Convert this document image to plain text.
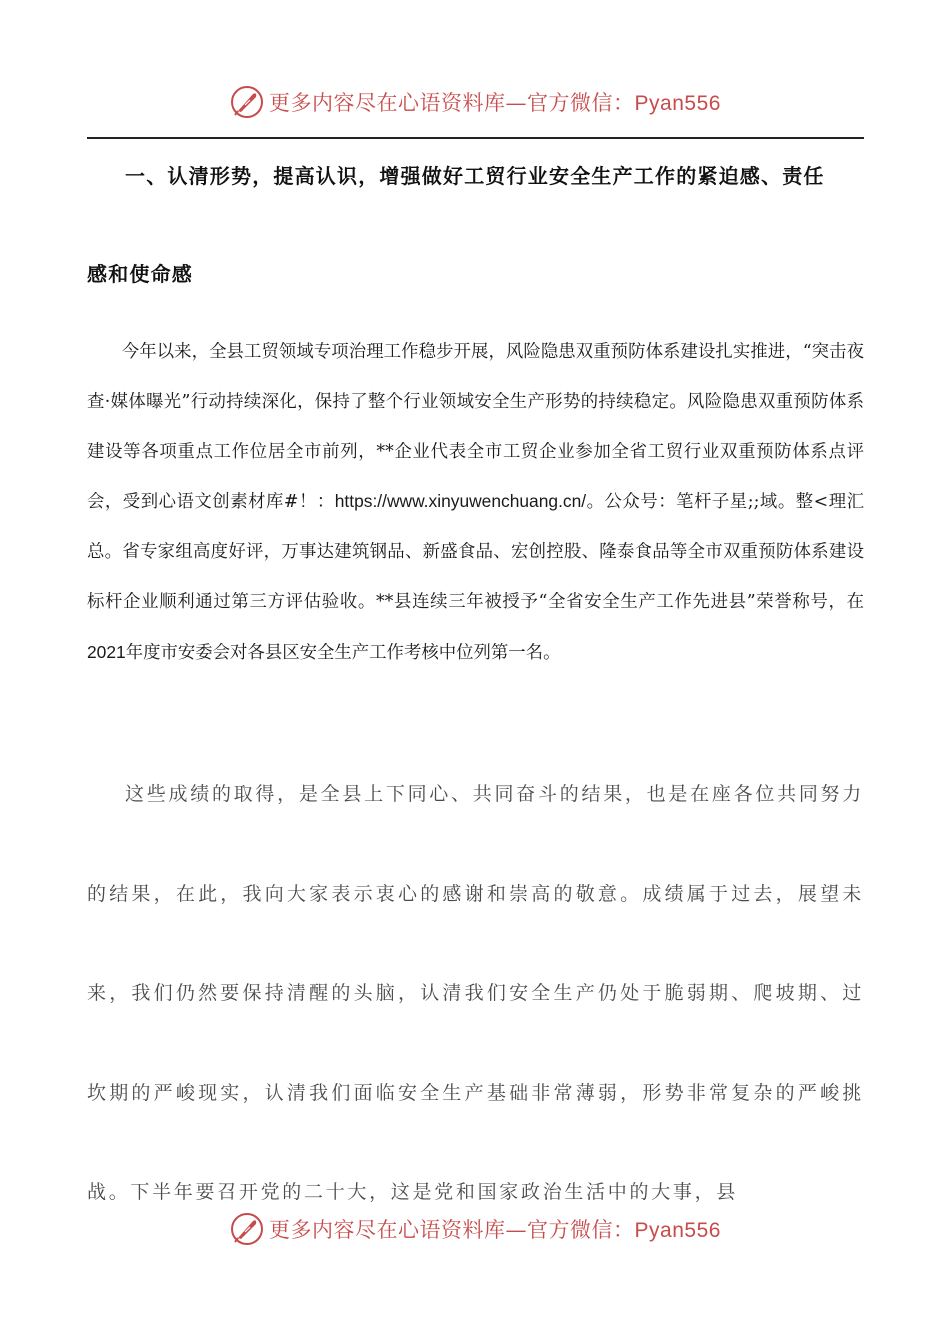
更多内容尽在心语资料库—官方微信：Pyan556
一、认清形势，提高认识，增强做好工贸行业安全生产工作的紧迫感、责任
感和使命感

今年以来，全县工贸领域专项治理工作稳步开展，风险隐患双重预防体系建设扎实推进，“突击夜查·媒体曝光”行动持续深化，保持了整个行业领域安全生产形势的持续稳定。风险隐患双重预防体系建设等各项重点工作位居全市前列，**企业代表全市工贸企业参加全省工贸行业双重预防体系点评会，受到心语文创素材库#！：https://www.xinyuwenchuang.cn/。公众号：笔杆子星;;域。整<理汇总。省专家组高度好评，万事达建筑钢品、新盛食品、宏创控股、隆泰食品等全市双重预防体系建设标杆企业顺利通过第三方评估验收。**县连续三年被授予“全省安全生产工作先进县”荣誉称号，在2021年度市安委会对各县区安全生产工作考核中位列第一名。

这些成绩的取得，是全县上下同心、共同奋斗的结果，也是在座各位共同努力的结果，在此，我向大家表示衷心的感谢和崇高的敬意。成绩属于过去，展望未来，我们仍然要保持清醒的头脑，认清我们安全生产仍处于脆弱期、爬坡期、过坎期的严峻现实，认清我们面临安全生产基础非常薄弱，形势非常复杂的严峻挑战。下半年要召开党的二十大，这是党和国家政治生活中的大事，县

更多内容尽在心语资料库—官方微信：Pyan556
